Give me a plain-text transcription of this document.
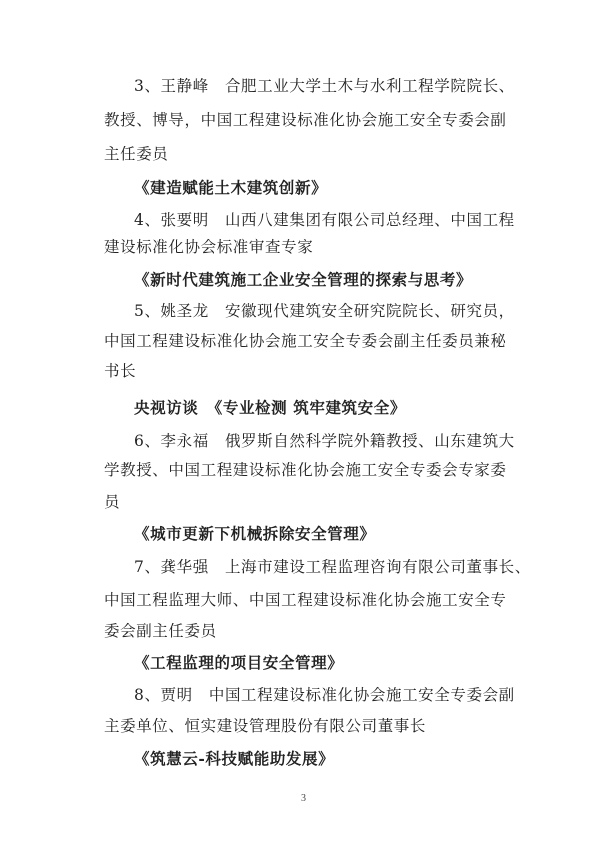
3、王静峰　合肥工业大学土木与水利工程学院院长、
教授、博导，中国工程建设标准化协会施工安全专委会副
主任委员
《建造赋能土木建筑创新》
4、张要明　山西八建集团有限公司总经理、中国工程
建设标准化协会标准审查专家
《新时代建筑施工企业安全管理的探索与思考》
5、姚圣龙　安徽现代建筑安全研究院院长、研究员，
中国工程建设标准化协会施工安全专委会副主任委员兼秘
书长
央视访谈　《专业检测 筑牢建筑安全》
6、李永福　俄罗斯自然科学院外籍教授、山东建筑大
学教授、中国工程建设标准化协会施工安全专委会专家委
员
《城市更新下机械拆除安全管理》
7、龚华强　上海市建设工程监理咨询有限公司董事长、
中国工程监理大师、中国工程建设标准化协会施工安全专
委会副主任委员
《工程监理的项目安全管理》
8、贾明　中国工程建设标准化协会施工安全专委会副
主委单位、恒实建设管理股份有限公司董事长
《筑慧云-科技赋能助发展》
3
